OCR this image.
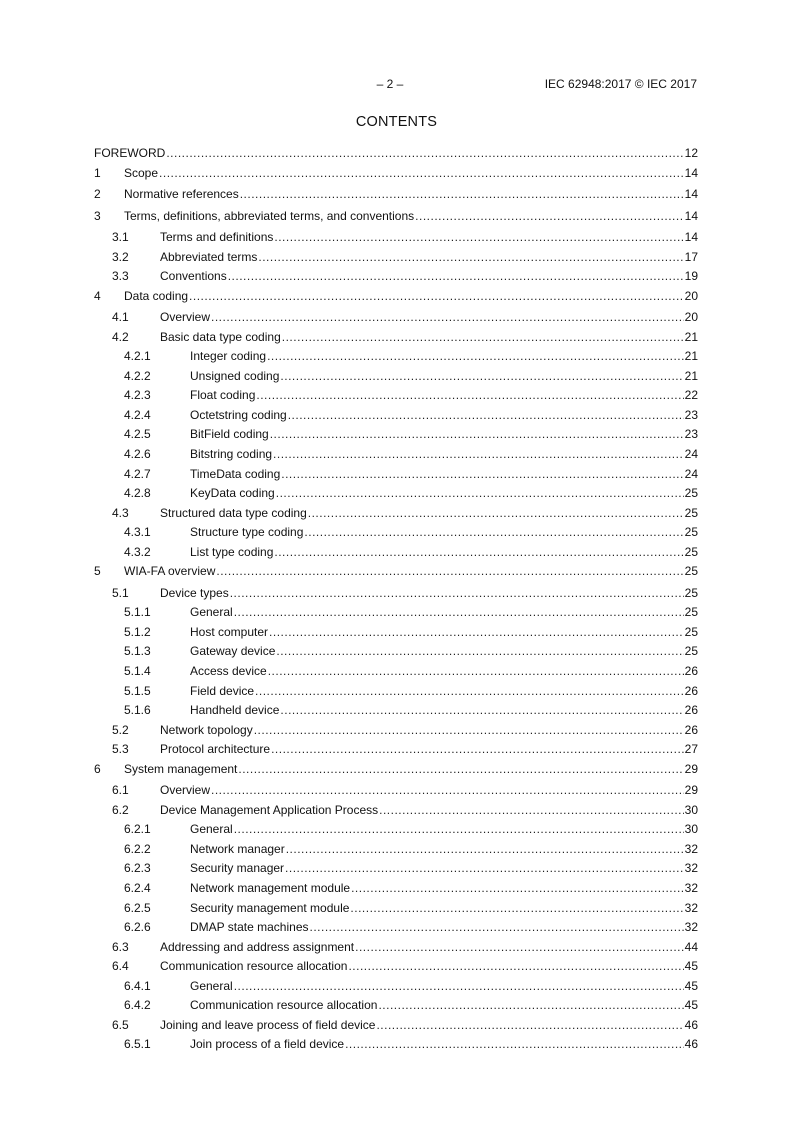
– 2 –	IEC 62948:2017 © IEC 2017
CONTENTS
FOREWORD .....	12
1 Scope .....	14
2 Normative references .....	14
3 Terms, definitions, abbreviated terms, and conventions .....	14
3.1	Terms and definitions .....	14
3.2	Abbreviated terms .....	17
3.3	Conventions .....	19
4 Data coding .....	20
4.1	Overview .....	20
4.2	Basic data type coding .....	21
4.2.1	Integer coding .....	21
4.2.2	Unsigned coding .....	21
4.2.3	Float coding .....	22
4.2.4	Octetstring coding .....	23
4.2.5	BitField coding .....	23
4.2.6	Bitstring coding .....	24
4.2.7	TimeData coding .....	24
4.2.8	KeyData coding .....	25
4.3	Structured data type coding .....	25
4.3.1	Structure type coding .....	25
4.3.2	List type coding .....	25
5 WIA-FA overview .....	25
5.1	Device types .....	25
5.1.1	General .....	25
5.1.2	Host computer .....	25
5.1.3	Gateway device .....	25
5.1.4	Access device .....	26
5.1.5	Field device .....	26
5.1.6	Handheld device .....	26
5.2	Network topology .....	26
5.3	Protocol architecture .....	27
6 System management .....	29
6.1	Overview .....	29
6.2	Device Management Application Process .....	30
6.2.1	General .....	30
6.2.2	Network manager .....	32
6.2.3	Security manager .....	32
6.2.4	Network management module .....	32
6.2.5	Security management module .....	32
6.2.6	DMAP state machines .....	32
6.3	Addressing and address assignment .....	44
6.4	Communication resource allocation .....	45
6.4.1	General .....	45
6.4.2	Communication resource allocation .....	45
6.5	Joining and leave process of field device .....	46
6.5.1	Join process of a field device .....	46
